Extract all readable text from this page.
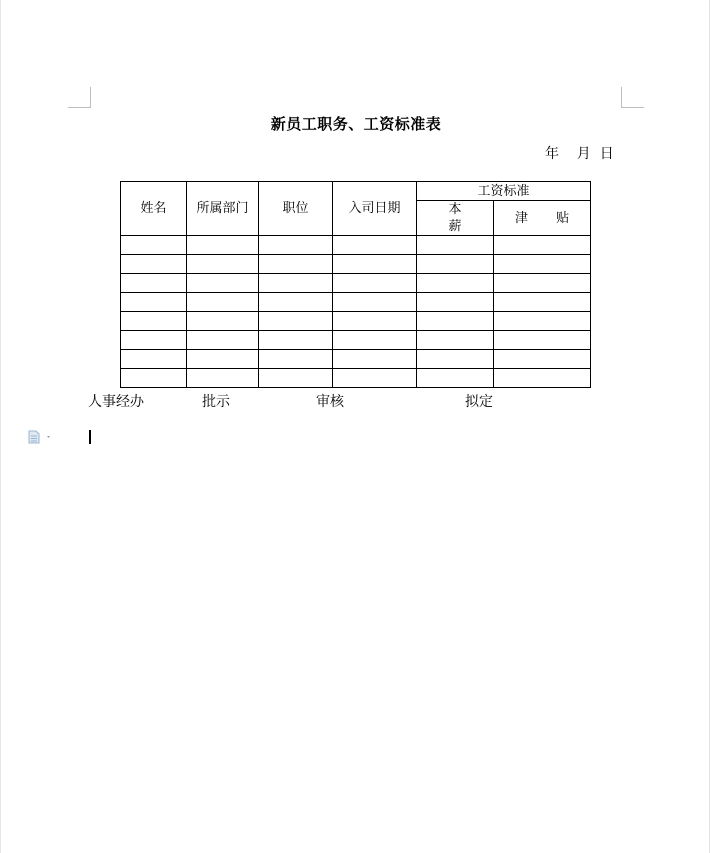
新员工职务、工资标准表
年    月  日
姓名	所属部门	职位	入司日期	工资标准	
				本 薪	津 贴

人事经办	批示	审核	拟定
